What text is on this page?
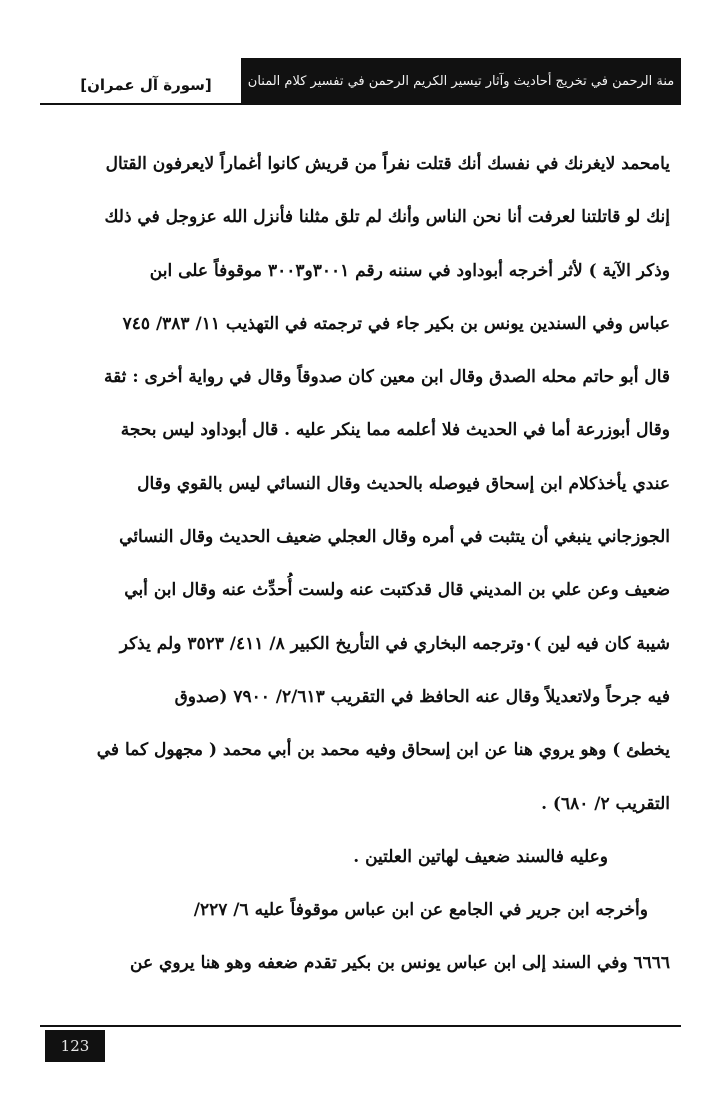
[سورة آل عمران]	منة الرحمن في تخريج أحاديث وآثار تيسير الكريم الرحمن في تفسير كلام المنان
يامحمد لايغرنك في نفسك أنك قتلت نفراً من قريش كانوا أغماراً لايعرفون القتال
إنك لو قاتلتنا لعرفت أنا نحن الناس وأنك لم تلق مثلنا فأنزل الله عزوجل في ذلك
وذكر الآية ) لأثر أخرجه أبوداود في سننه رقم ٣٠٠١و٣٠٠٣ موقوفاً على ابن
عباس وفي السندين يونس بن بكير جاء في ترجمته في التهذيب ١١/ ٣٨٣/ ٧٤٥
قال أبو حاتم محله الصدق وقال ابن معين كان صدوقاً وقال في رواية أخرى : ثقة
وقال أبوزرعة أما في الحديث فلا أعلمه مما ينكر عليه . قال أبوداود ليس بحجة
عندي يأخذكلام ابن إسحاق فيوصله بالحديث وقال النسائي ليس بالقوي وقال
الجوزجاني ينبغي أن يتثبت في أمره وقال العجلي ضعيف الحديث وقال النسائي
ضعيف وعن علي بن المديني قال قدكتبت عنه ولست أُحدِّث عنه وقال ابن أبي
شيبة كان فيه لين )٠وترجمه البخاري في التأريخ الكبير ٨/ ٤١١/ ٣٥٢٣ ولم يذكر
فيه جرحاً ولاتعديلاً وقال عنه الحافظ في التقريب ٢/٦١٣/ ٧٩٠٠ (صدوق
يخطئ ) وهو يروي هنا عن ابن إسحاق وفيه محمد بن أبي محمد ( مجهول كما في
التقريب ٢/ ٦٨٠) .
وعليه فالسند ضعيف لهاتين العلتين .
وأخرجه ابن جرير في الجامع عن ابن عباس موقوفاً عليه ٦/ ٢٢٧/
٦٦٦٦ وفي السند إلى ابن عباس يونس بن بكير تقدم ضعفه وهو هنا يروي عن
123
